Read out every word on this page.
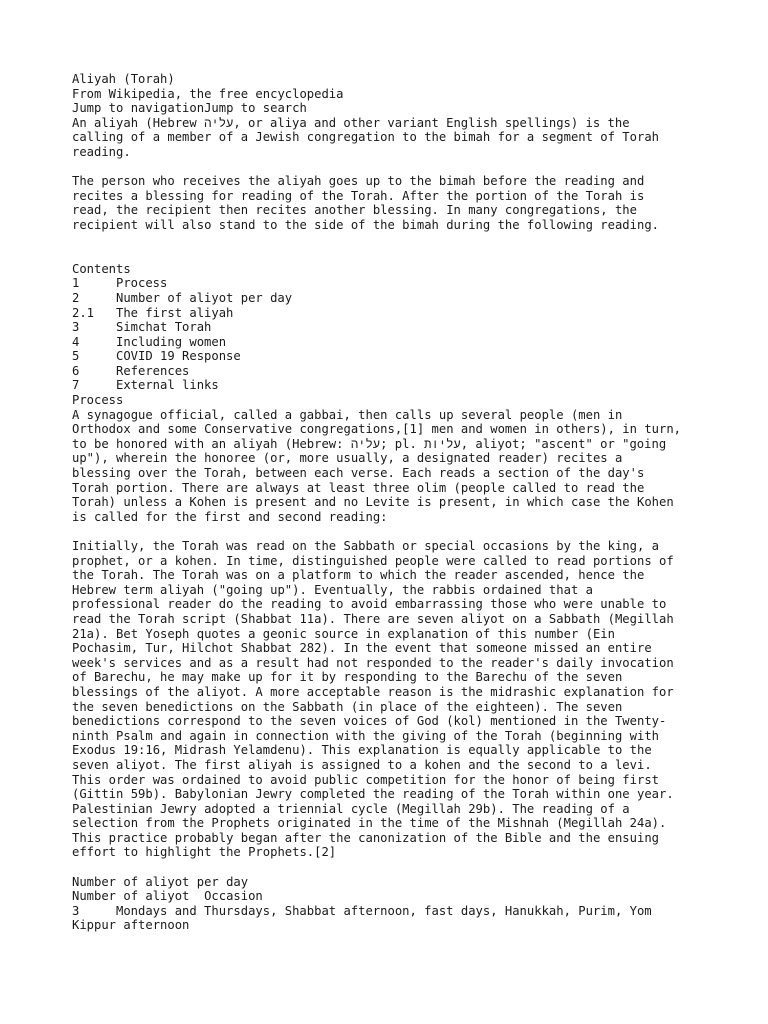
Aliyah (Torah)
From Wikipedia, the free encyclopedia
Jump to navigationJump to search
An aliyah (Hebrew עליה, or aliya and other variant English spellings) is the
calling of a member of a Jewish congregation to the bimah for a segment of Torah
reading.
The person who receives the aliyah goes up to the bimah before the reading and
recites a blessing for reading of the Torah. After the portion of the Torah is
read, the recipient then recites another blessing. In many congregations, the
recipient will also stand to the side of the bimah during the following reading.
Contents
1	Process
2	Number of aliyot per day
2.1	The first aliyah
3	Simchat Torah
4	Including women
5	COVID 19 Response
6	References
7	External links
Process
A synagogue official, called a gabbai, then calls up several people (men in
Orthodox and some Conservative congregations,[1] men and women in others), in turn,
to be honored with an aliyah (Hebrew: עליה; pl. עליות, aliyot; "ascent" or "going
up"), wherein the honoree (or, more usually, a designated reader) recites a
blessing over the Torah, between each verse. Each reads a section of the day's
Torah portion. There are always at least three olim (people called to read the
Torah) unless a Kohen is present and no Levite is present, in which case the Kohen
is called for the first and second reading:
Initially, the Torah was read on the Sabbath or special occasions by the king, a
prophet, or a kohen. In time, distinguished people were called to read portions of
the Torah. The Torah was on a platform to which the reader ascended, hence the
Hebrew term aliyah ("going up"). Eventually, the rabbis ordained that a
professional reader do the reading to avoid embarrassing those who were unable to
read the Torah script (Shabbat 11a). There are seven aliyot on a Sabbath (Megillah
21a). Bet Yoseph quotes a geonic source in explanation of this number (Ein
Pochasim, Tur, Hilchot Shabbat 282). In the event that someone missed an entire
week's services and as a result had not responded to the reader's daily invocation
of Barechu, he may make up for it by responding to the Barechu of the seven
blessings of the aliyot. A more acceptable reason is the midrashic explanation for
the seven benedictions on the Sabbath (in place of the eighteen). The seven
benedictions correspond to the seven voices of God (kol) mentioned in the Twenty-
ninth Psalm and again in connection with the giving of the Torah (beginning with
Exodus 19:16, Midrash Yelamdenu). This explanation is equally applicable to the
seven aliyot. The first aliyah is assigned to a kohen and the second to a levi.
This order was ordained to avoid public competition for the honor of being first
(Gittin 59b). Babylonian Jewry completed the reading of the Torah within one year.
Palestinian Jewry adopted a triennial cycle (Megillah 29b). The reading of a
selection from the Prophets originated in the time of the Mishnah (Megillah 24a).
This practice probably began after the canonization of the Bible and the ensuing
effort to highlight the Prophets.[2]
Number of aliyot per day
Number of aliyot  Occasion
3	Mondays and Thursdays, Shabbat afternoon, fast days, Hanukkah, Purim, Yom
Kippur afternoon
